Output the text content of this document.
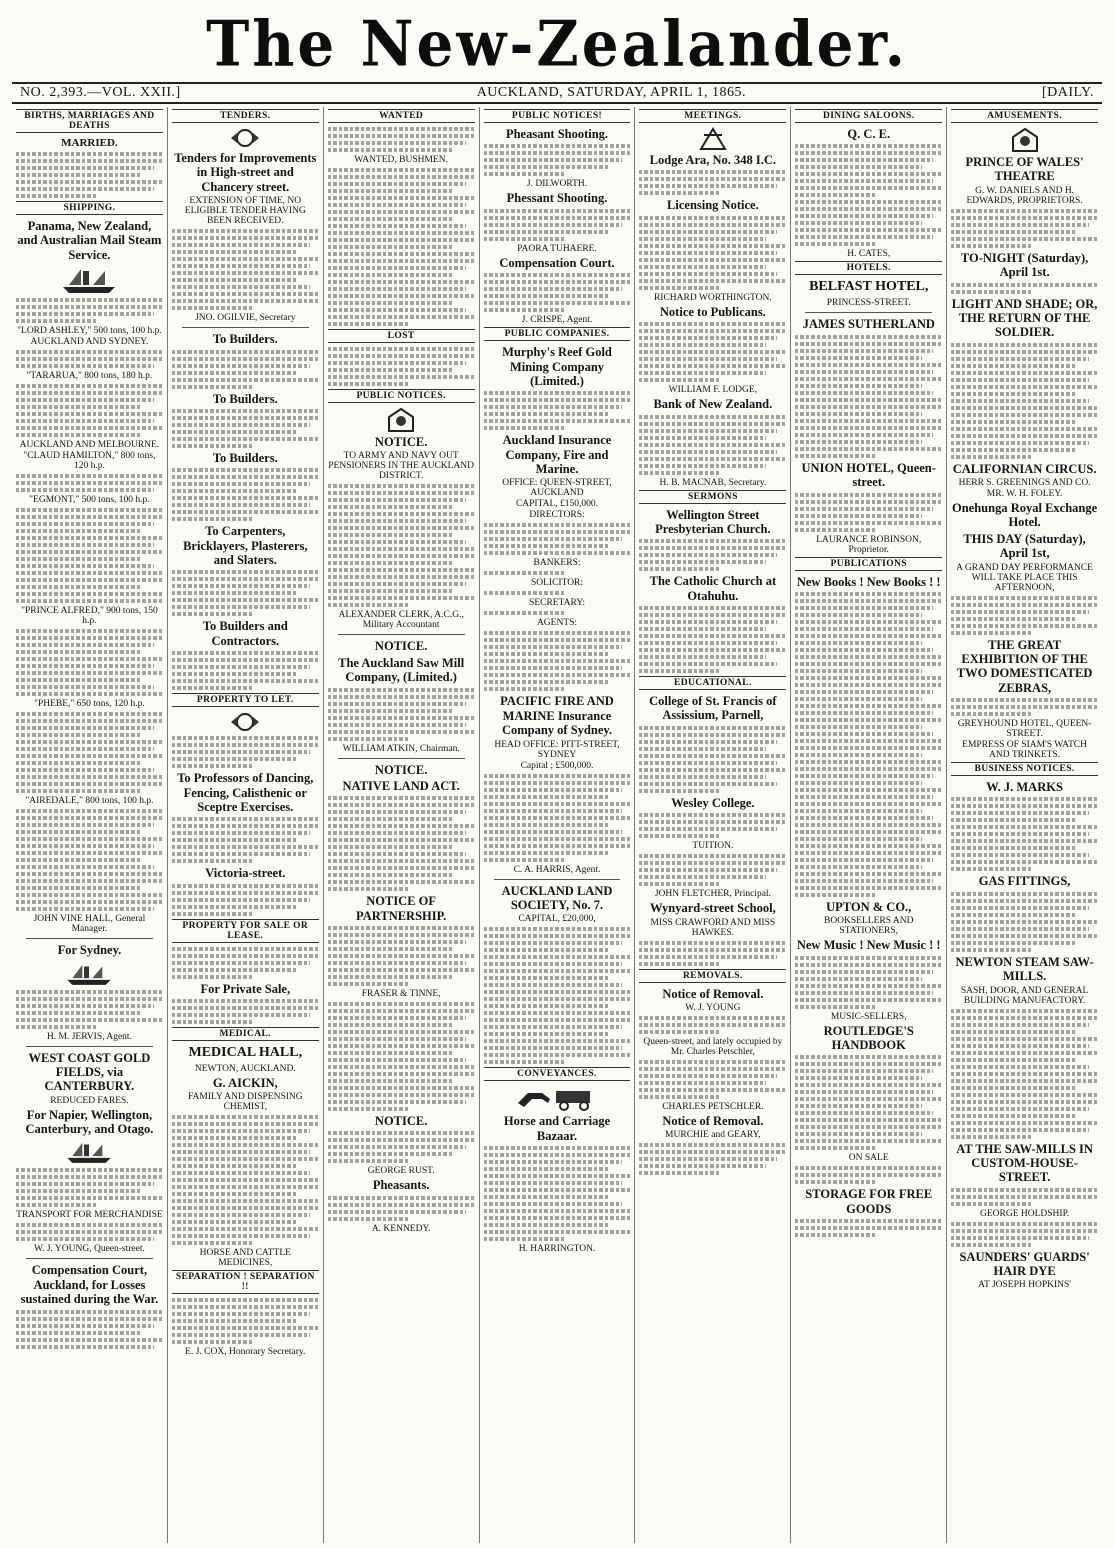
The New-Zealander.
NO. 2,393.—VOL. XXII.]	AUCKLAND, SATURDAY, APRIL 1, 1865.	[DAILY.
BIRTHS, MARRIAGES AND DEATHS
MARRIED.
SHIPPING.
Panama, New Zealand, and Australian Mail Steam Service.
"LORD ASHLEY," 500 tons, 100 h.p.
AUCKLAND AND SYDNEY.
"TARARUA," 800 tons, 180 h.p.
AUCKLAND AND MELBOURNE.
"CLAUD HAMILTON," 800 tons, 120 h.p.
"EGMONT," 500 tons, 100 h.p.
"PRINCE ALFRED," 900 tons, 150 h.p.
"PHEBE," 650 tons, 120 h.p.
"AIREDALE," 800 tons, 100 h.p.
JOHN VINE HALL, General Manager.
For Sydney.
H. M. JERVIS, Agent.
WEST COAST GOLD FIELDS, via CANTERBURY.
REDUCED FARES.
For Napier, Wellington, Canterbury, and Otago.
TRANSPORT FOR MERCHANDISE
W. J. YOUNG, Queen-street.
Compensation Court, Auckland, for Losses sustained during the War.
TENDERS.
Tenders for Improvements in High-street and Chancery street.
EXTENSION OF TIME, NO ELIGIBLE TENDER HAVING BEEN RECEIVED.
JNO. OGILVIE, Secretary
To Builders.
To Builders.
To Builders.
To Carpenters, Bricklayers, Plasterers, and Slaters.
To Builders and Contractors.
PROPERTY TO LET.
To Professors of Dancing, Fencing, Calisthenic or Sceptre Exercises.
Victoria-street.
PROPERTY FOR SALE OR LEASE.
For Private Sale,
MEDICAL.
MEDICAL HALL,
NEWTON, AUCKLAND.
G. AICKIN,
FAMILY AND DISPENSING CHEMIST,
HORSE AND CATTLE MEDICINES,
SEPARATION ! SEPARATION !!
E. J. COX, Honorary Secretary.
WANTED
WANTED, BUSHMEN.
LOST
PUBLIC NOTICES.
NOTICE.
TO ARMY AND NAVY OUT PENSIONERS IN THE AUCKLAND DISTRICT.
ALEXANDER CLERK, A.C.G., Military Accountant
NOTICE.
The Auckland Saw Mill Company, (Limited.)
WILLIAM ATKIN, Chairman.
NOTICE.
NATIVE LAND ACT.
NOTICE OF PARTNERSHIP.
FRASER & TINNE,
NOTICE.
GEORGE RUST.
Pheasants.
A. KENNEDY.
PUBLIC NOTICES!
Pheasant Shooting.
J. DILWORTH.
Phessant Shooting.
PAORA TUHAERE.
Compensation Court.
J. CRISPE, Agent.
PUBLIC COMPANIES.
Murphy's Reef Gold Mining Company (Limited.)
Auckland Insurance Company, Fire and Marine.
OFFICE: QUEEN-STREET, AUCKLAND
CAPITAL, £150,000.
DIRECTORS:
BANKERS:
SOLICITOR:
SECRETARY:
AGENTS:
PACIFIC FIRE AND MARINE Insurance Company of Sydney.
HEAD OFFICE: PITT-STREET, SYDNEY
Capital ; £500,000.
C. A. HARRIS, Agent.
AUCKLAND LAND SOCIETY, No. 7.
CAPITAL, £20,000,
CONVEYANCES.
Horse and Carriage Bazaar.
H. HARRINGTON.
MEETINGS.
Lodge Ara, No. 348 I.C.
Licensing Notice.
RICHARD WORTHINGTON.
Notice to Publicans.
WILLIAM F. LODGE,
Bank of New Zealand.
H. B. MACNAB, Secretary.
SERMONS
Wellington Street Presbyterian Church.
The Catholic Church at Otahuhu.
EDUCATIONAL.
College of St. Francis of Assissium, Parnell,
Wesley College.
TUITION.
JOHN FLETCHER, Principal.
Wynyard-street School,
MISS CRAWFORD AND MISS HAWKES.
REMOVALS.
Notice of Removal.
W. J. YOUNG
Queen-street, and lately occupied by Mr. Charles Petschler,
CHARLES PETSCHLER.
Notice of Removal.
MURCHIE and GEARY,
DINING SALOONS.
Q. C. E.
H. CATES,
HOTELS.
BELFAST HOTEL,
PRINCESS-STREET.
JAMES SUTHERLAND
UNION HOTEL, Queen-street.
LAURANCE ROBINSON, Proprietor.
PUBLICATIONS
New Books ! New Books ! !
UPTON & CO.,
BOOKSELLERS AND STATIONERS,
New Music ! New Music ! !
MUSIC-SELLERS,
ROUTLEDGE'S HANDBOOK
ON SALE
STORAGE FOR FREE GOODS
AMUSEMENTS.
PRINCE OF WALES' THEATRE
G. W. DANIELS AND H. EDWARDS, PROPRIETORS.
TO-NIGHT (Saturday), April 1st.
LIGHT AND SHADE; OR, THE RETURN OF THE SOLDIER.
CALIFORNIAN CIRCUS.
HERR S. GREENINGS AND CO.
MR. W. H. FOLEY.
Onehunga Royal Exchange Hotel.
THIS DAY (Saturday), April 1st,
A GRAND DAY PERFORMANCE WILL TAKE PLACE THIS AFTERNOON,
THE GREAT EXHIBITION OF THE TWO DOMESTICATED ZEBRAS,
GREYHOUND HOTEL, QUEEN-STREET.
EMPRESS OF SIAM'S WATCH AND TRINKETS.
BUSINESS NOTICES.
W. J. MARKS
GAS FITTINGS,
NEWTON STEAM SAW-MILLS.
SASH, DOOR, AND GENERAL BUILDING MANUFACTORY.
AT THE SAW-MILLS IN CUSTOM-HOUSE-STREET.
GEORGE HOLDSHIP.
SAUNDERS' GUARDS' HAIR DYE
AT JOSEPH HOPKINS'
